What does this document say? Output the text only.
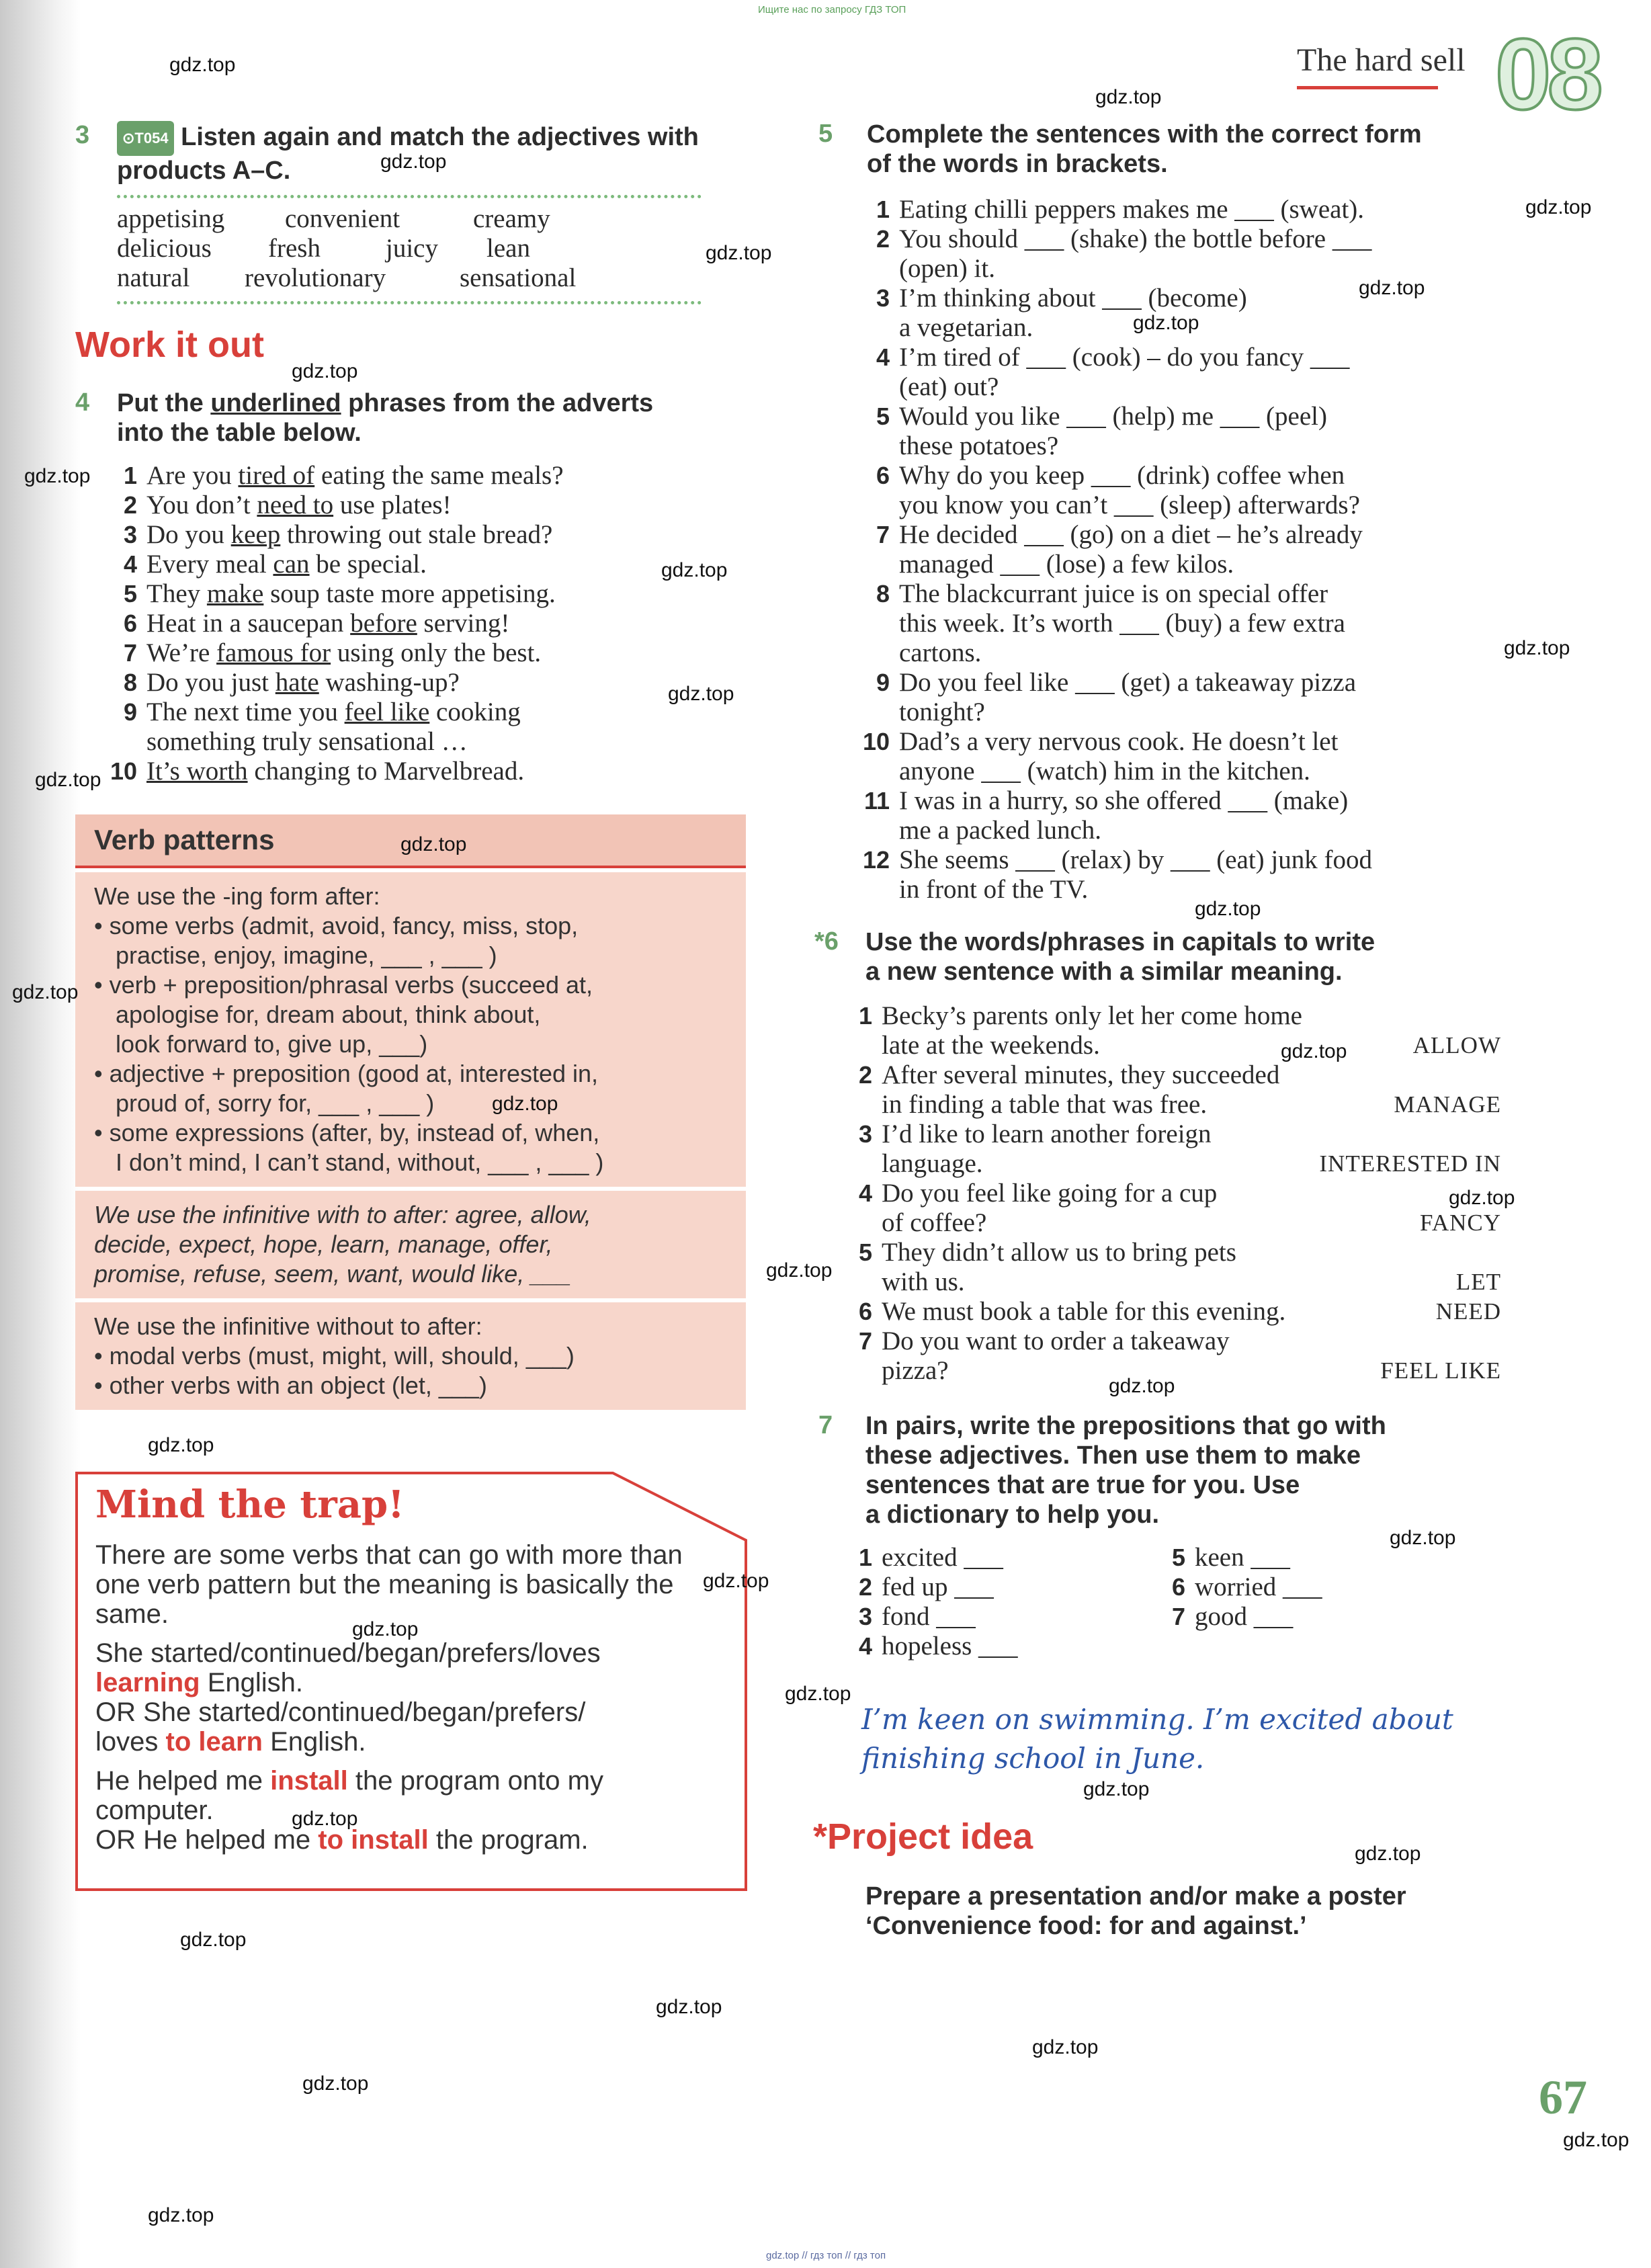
Ищите нас по запросу ГДЗ ТОП
gdz.top // гдз топ // гдз топ
The hard sell 08
3	⊙T054 Listen again and match the adjectives with
products A–C.
appetising	convenient	creamy
delicious	fresh	juicy	lean
natural	revolutionary	sensational
Work it out
4 Put the underlined phrases from the adverts
into the table below.
1 Are you tired of eating the same meals?
2 You don’t need to use plates!
3 Do you keep throwing out stale bread?
4 Every meal can be special.
5 They make soup taste more appetising.
6 Heat in a saucepan before serving!
7 We’re famous for using only the best.
8 Do you just hate washing-up?
9 The next time you feel like cooking
something truly sensational …
10 It’s worth changing to Marvelbread.
Verb patterns
We use the -ing form after:
• some verbs (admit, avoid, fancy, miss, stop,
practise, enjoy, imagine, ___ , ___ )
• verb + preposition/phrasal verbs (succeed at,
apologise for, dream about, think about,
look forward to, give up, ___)
• adjective + preposition (good at, interested in,
proud of, sorry for, ___ , ___ )
• some expressions (after, by, instead of, when,
I don’t mind, I can’t stand, without, ___ , ___ )
We use the infinitive with to after: agree, allow,
decide, expect, hope, learn, manage, offer,
promise, refuse, seem, want, would like, ___
We use the infinitive without to after:
• modal verbs (must, might, will, should, ___)
• other verbs with an object (let, ___)
Mind the trap!
There are some verbs that can go with more than one verb pattern but the meaning is basically the same.
She started/continued/began/prefers/loves
learning English.
OR She started/continued/began/prefers/
loves to learn English.
He helped me install the program onto my computer.
OR He helped me to install the program.
5 Complete the sentences with the correct form
of the words in brackets.
1 Eating chilli peppers makes me ___ (sweat).
2 You should ___ (shake) the bottle before ___
(open) it.
3 I’m thinking about ___ (become)
a vegetarian.
4 I’m tired of ___ (cook) – do you fancy ___
(eat) out?
5 Would you like ___ (help) me ___ (peel)
these potatoes?
6 Why do you keep ___ (drink) coffee when
you know you can’t ___ (sleep) afterwards?
7 He decided ___ (go) on a diet – he’s already
managed ___ (lose) a few kilos.
8 The blackcurrant juice is on special offer
this week. It’s worth ___ (buy) a few extra
cartons.
9 Do you feel like ___ (get) a takeaway pizza
tonight?
10 Dad’s a very nervous cook. He doesn’t let
anyone ___ (watch) him in the kitchen.
11 I was in a hurry, so she offered ___ (make)
me a packed lunch.
12 She seems ___ (relax) by ___ (eat) junk food
in front of the TV.
*6 Use the words/phrases in capitals to write
a new sentence with a similar meaning.
1 Becky’s parents only let her come home
late at the weekends.	ALLOW
2 After several minutes, they succeeded
in finding a table that was free.	MANAGE
3 I’d like to learn another foreign
language.	INTERESTED IN
4 Do you feel like going for a cup
of coffee?	FANCY
5 They didn’t allow us to bring pets
with us.	LET
6 We must book a table for this evening.	NEED
7 Do you want to order a takeaway
pizza?	FEEL LIKE
7 In pairs, write the prepositions that go with
these adjectives. Then use them to make
sentences that are true for you. Use
a dictionary to help you.
1 excited ___
2 fed up ___
3 fond ___
4 hopeless ___
5 keen ___
6 worried ___
7 good ___
I’m keen on swimming. I’m excited about
finishing school in June.
*Project idea
Prepare a presentation and/or make a poster
‘Convenience food: for and against.’
67
gdz.top
gdz.top
gdz.top
gdz.top
gdz.top
gdz.top
gdz.top
gdz.top
gdz.top
gdz.top
gdz.top
gdz.top
gdz.top
gdz.top
gdz.top
gdz.top
gdz.top
gdz.top
gdz.top
gdz.top
gdz.top
gdz.top
gdz.top
gdz.top
gdz.top
gdz.top
gdz.top
gdz.top
gdz.top
gdz.top
gdz.top
gdz.top
gdz.top
gdz.top
gdz.top
